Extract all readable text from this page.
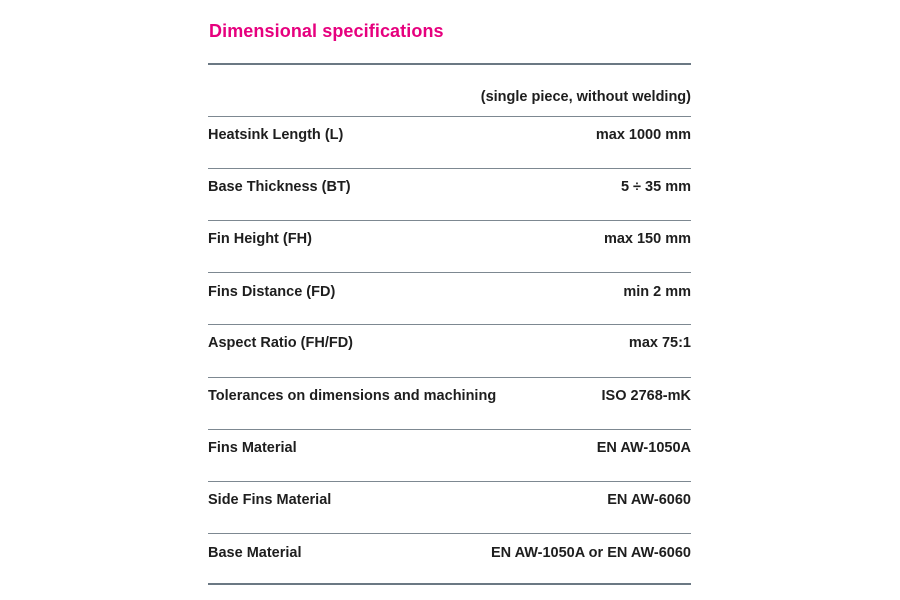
Dimensional specifications
(single piece, without welding)
Heatsink Length (L)	max 1000 mm
Base Thickness (BT)	5 ÷ 35 mm
Fin Height (FH)	max 150 mm
Fins Distance (FD)	min 2 mm
Aspect Ratio (FH/FD)	max 75:1
Tolerances on dimensions and machining	ISO 2768-mK
Fins Material	EN AW-1050A
Side Fins Material	EN AW-6060
Base Material	EN AW-1050A or EN AW-6060
